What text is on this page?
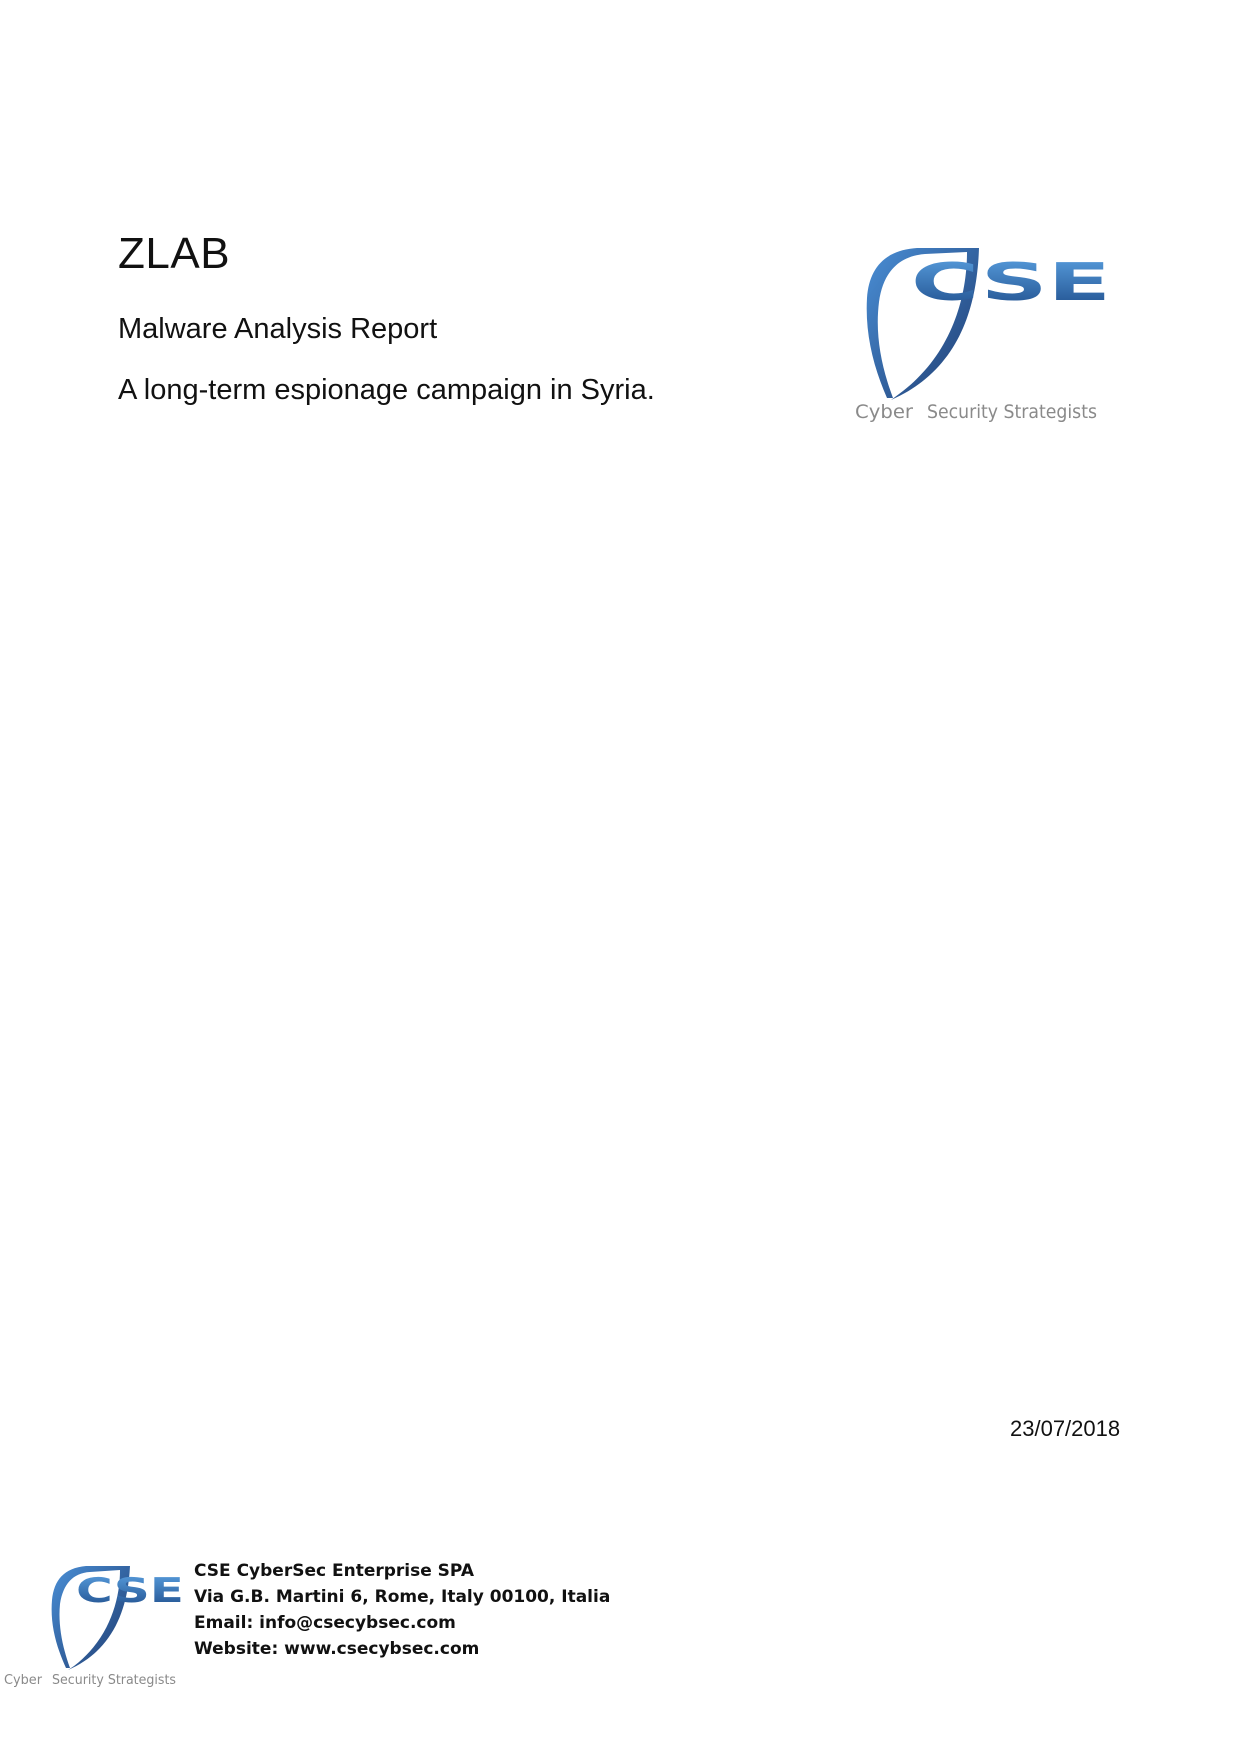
ZLAB
Malware Analysis Report
A long-term espionage campaign in Syria.
CSE
Cyber Security Strategists
23/07/2018
CSE
Cyber Security Strategists
CSE CyberSec Enterprise SPA
Via G.B. Martini 6, Rome, Italy 00100, Italia
Email: info@csecybsec.com
Website: www.csecybsec.com
